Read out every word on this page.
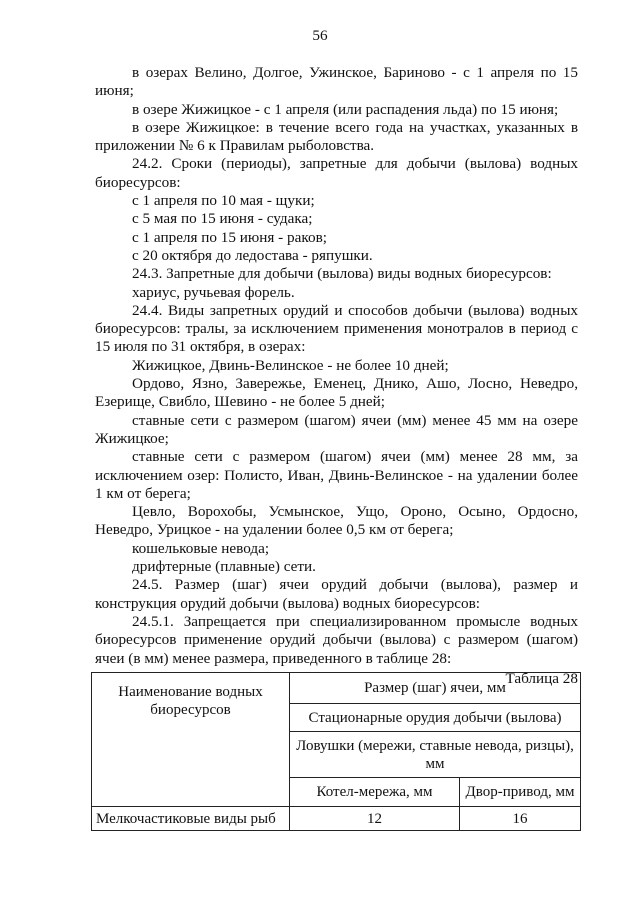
56

в озерах Велино, Долгое, Ужинское, Бариново - с 1 апреля по 15 июня;

в озере Жижицкое - с 1 апреля (или распадения льда) по 15 июня;

в озере Жижицкое: в течение всего года на участках, указанных в приложении № 6 к Правилам рыболовства.

24.2. Сроки (периоды), запретные для добычи (вылова) водных биоресурсов:

с 1 апреля по 10 мая - щуки;

с 5 мая по 15 июня - судака;

с 1 апреля по 15 июня - раков;

с 20 октября до ледостава - ряпушки.

24.3. Запретные для добычи (вылова) виды водных биоресурсов:

хариус, ручьевая форель.

24.4. Виды запретных орудий и способов добычи (вылова) водных биоресурсов: тралы, за исключением применения монотралов в период с 15 июля по 31 октября, в озерах:

Жижицкое, Двинь-Велинское - не более 10 дней;

Ордово, Язно, Завережье, Еменец, Днико, Ашо, Лосно, Неведро, Езерище, Свибло, Шевино - не более 5 дней;

ставные сети с размером (шагом) ячеи (мм) менее 45 мм на озере Жижицкое;

ставные сети с размером (шагом) ячеи (мм) менее 28 мм, за исключением озер: Полисто, Иван, Двинь-Велинское - на удалении более 1 км от берега;

Цевло, Ворохобы, Усмынское, Ущо, Ороно, Осыно, Ордосно, Неведро, Урицкое - на удалении более 0,5 км от берега;

кошельковые невода;

дрифтерные (плавные) сети.

24.5. Размер (шаг) ячеи орудий добычи (вылова), размер и конструкция орудий добычи (вылова) водных биоресурсов:

24.5.1. Запрещается при специализированном промысле водных биоресурсов применение орудий добычи (вылова) с размером (шагом) ячеи (в мм) менее размера, приведенного в таблице 28:

Таблица 28

Наименование водных биоресурсов	Размер (шаг) ячеи, мм	
	Стационарные орудия добычи (вылова)	
	Ловушки (мережи, ставные невода, ризцы), мм	
	Котел-мережа, мм	Двор-привод, мм
Мелкочастиковые виды рыб	12	16
